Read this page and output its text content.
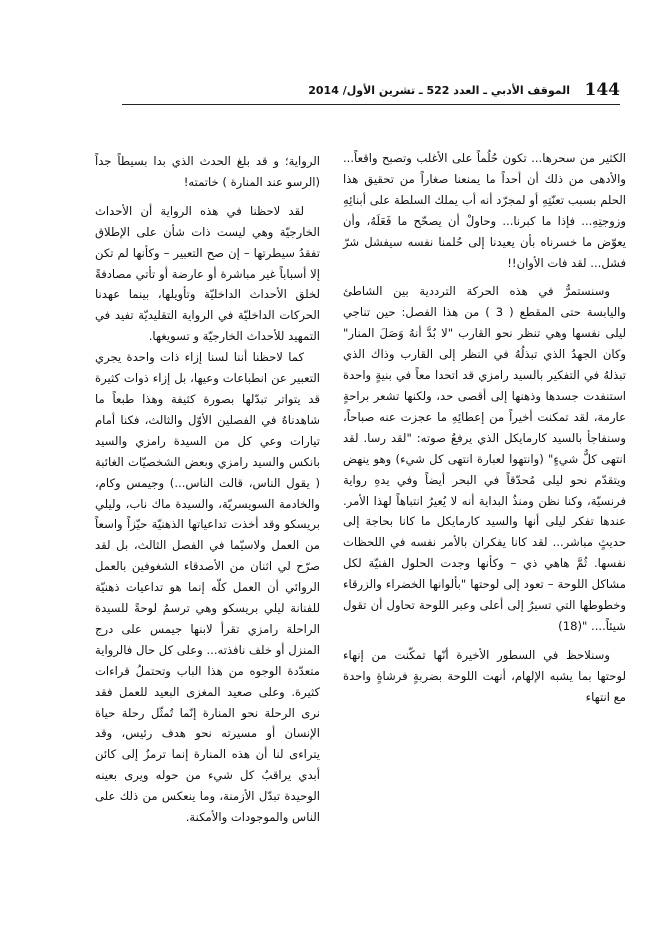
144
الموقف الأدبي ـ العدد 522 ـ تشرين الأول/ 2014

الكثير من سحرها... تكون حُلُماً على الأغلب وتصبح واقعاً... والأدهى من ذلك أن أحداً ما يمنعنا صغاراً من تحقيق هذا الحلم بسبب تعنّتِهِ أو لمجرّد أنه أب يملك السلطة على أبنائِهِ وزوجتِهِ... فإذا ما كبرنا... وحاولْ أن يصحّح ما فَعَلَهُ، وأن يعوّض ما خسرناه بأن يعيدنا إلى حُلمنا نفسه سيفشل شرّ فشل... لقد فات الأوان!!

وسنستمرُّ في هذه الحركة الترددية بين الشاطئ واليابسة حتى المقطع ( 3 ) من هذا الفصل: حين تناجي ليلى نفسها وهي تنظر نحو القارب "لا بُدَّ أنهُ وَصَلَ المنار" وكان الجهدُ الذي تبذلُهُ في النظر إلى القارب وذاك الذي تبذلهُ في التفكير بالسيد رامزي قد اتحدا معاً في بنيةٍ واحدة استنفدت جسدها وذهنها إلى أقصى حد، ولكنها تشعر براحةٍ عارمة، لقد تمكنت أخيراً من إعطائِهِ ما عجزت عنه صباحاً، وسنفاجأ بالسيد كارمايكل الذي يرفعُ صوته: "لقد رسا. لقد انتهى كلُّ شيءٍ" (وانتهوا لعبارة انتهى كل شيء) وهو ينهض ويتقدّم نحو ليلى مُحدّقاً في البحر أيضاً وفي يدهِ رواية فرنسيّة، وكنا نظن ومنذُ البداية أنه لا يُعيرُ انتباهاً لهذا الأمر. عندها تفكر ليلى أنها والسيد كارمايكل ما كانا بحاجة إلى حديثٍ مباشر... لقد كانا يفكران بالأمر نفسه في اللحظات نفسها. ثُمَّ هاهي ذي – وكأنها وجدت الحلول الفنيّة لكل مشاكل اللوحة – تعود إلى لوحتها "بألوانها الخضراء والزرقاء وخطوطها التي تسيرُ إلى أعلى وعبر اللوحة تحاول أن تقول شيئاً.... "(18)

وسنلاحظ في السطور الأخيرة أنّها تمكّنت من إنهاء لوحتها بما يشبه الإلهام، أنهت اللوحة بضربةٍ فرشاةٍ واحدة مع انتهاء

الرواية؛ و قد بلغ الحدث الذي بدا بسيطاً جداً (الرسو عند المنارة ) خاتمته!

لقد لاحظنا في هذه الرواية أن الأحداث الخارجيّة وهي ليست ذات شأن على الإطلاق تفقدُ سيطرتها – إن صح التعبير – وكأنها لم تكن إلا أسباباً غير مباشرة أو عارضة أو تأتي مصادفةً لخلق الأحداث الداخليّة وتأويلها، بينما عهدنا الحركات الداخليّة في الرواية التقليديّة تفيد في التمهيد للأحداث الخارجيّة و تسويغها.

كما لاحظنا أننا لسنا إزاء ذات واحدة يجري التعبير عن انطباعات وعيها، بل إزاء ذوات كثيرة قد يتواتر تبدّلها بصورة كثيفة وهذا طبعاً ما شاهدناهُ في الفصلين الأوّل والثالث، فكنا أمام تيارات وعي كل من السيدة رامزي والسيد بانكس والسيد رامزي وبعض الشخصيّات الغائبة ( يقول الناس، قالت الناس...) وجيمس وكام، والخادمة السويسريّة، والسيدة ماك ناب، وليلي بريسكو وقد أخذت تداعياتها الذهنيّة حيّزاً واسعاً من العمل ولاسيّما في الفصل الثالث، بل لقد صرّح لي اثنان من الأصدقاء الشغوفين بالعمل الروائي أن العمل كلّه إنما هو تداعيات ذهنيّة للفنانة ليلي بريسكو وهي ترسمُ لوحةً للسيدة الراحلة رامزي تقرأ لابنها جيمس على درج المنزل أو خلف نافذته... وعلى كل حال فالرواية متعدّدة الوجوه من هذا الباب وتحتملُ قراءات كثيرة. وعلى صعيد المغزى البعيد للعمل فقد نرى الرحلة نحو المنارة إنّما تُمثّل رحلة حياة الإنسان أو مسيرته نحو هدف رئيس، وقد يتراءى لنا أن هذه المنارة إنما ترمزُ إلى كائن أبدي يراقبُ كل شيء من حوله ويرى بعينه الوحيدة تبدّل الأزمنة، وما ينعكس من ذلك على الناس والموجودات والأمكنة.
